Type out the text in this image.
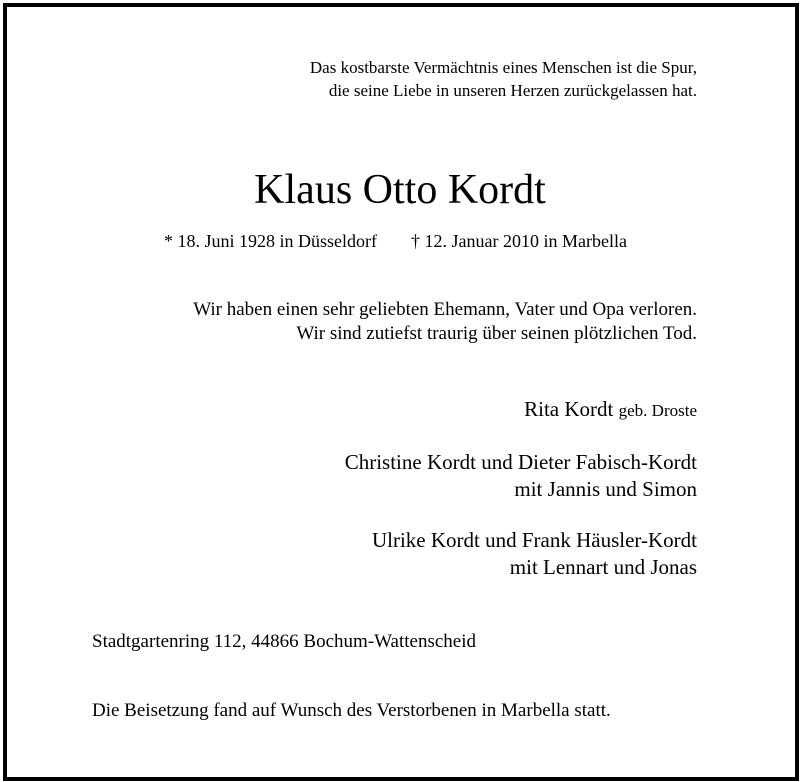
Das kostbarste Vermächtnis eines Menschen ist die Spur,
die seine Liebe in unseren Herzen zurückgelassen hat.
Klaus Otto Kordt
* 18. Juni 1928 in Düsseldorf † 12. Januar 2010 in Marbella
Wir haben einen sehr geliebten Ehemann, Vater und Opa verloren.
Wir sind zutiefst traurig über seinen plötzlichen Tod.
Rita Kordt geb. Droste
Christine Kordt und Dieter Fabisch-Kordt
mit Jannis und Simon
Ulrike Kordt und Frank Häusler-Kordt
mit Lennart und Jonas
Stadtgartenring 112, 44866 Bochum-Wattenscheid
Die Beisetzung fand auf Wunsch des Verstorbenen in Marbella statt.
